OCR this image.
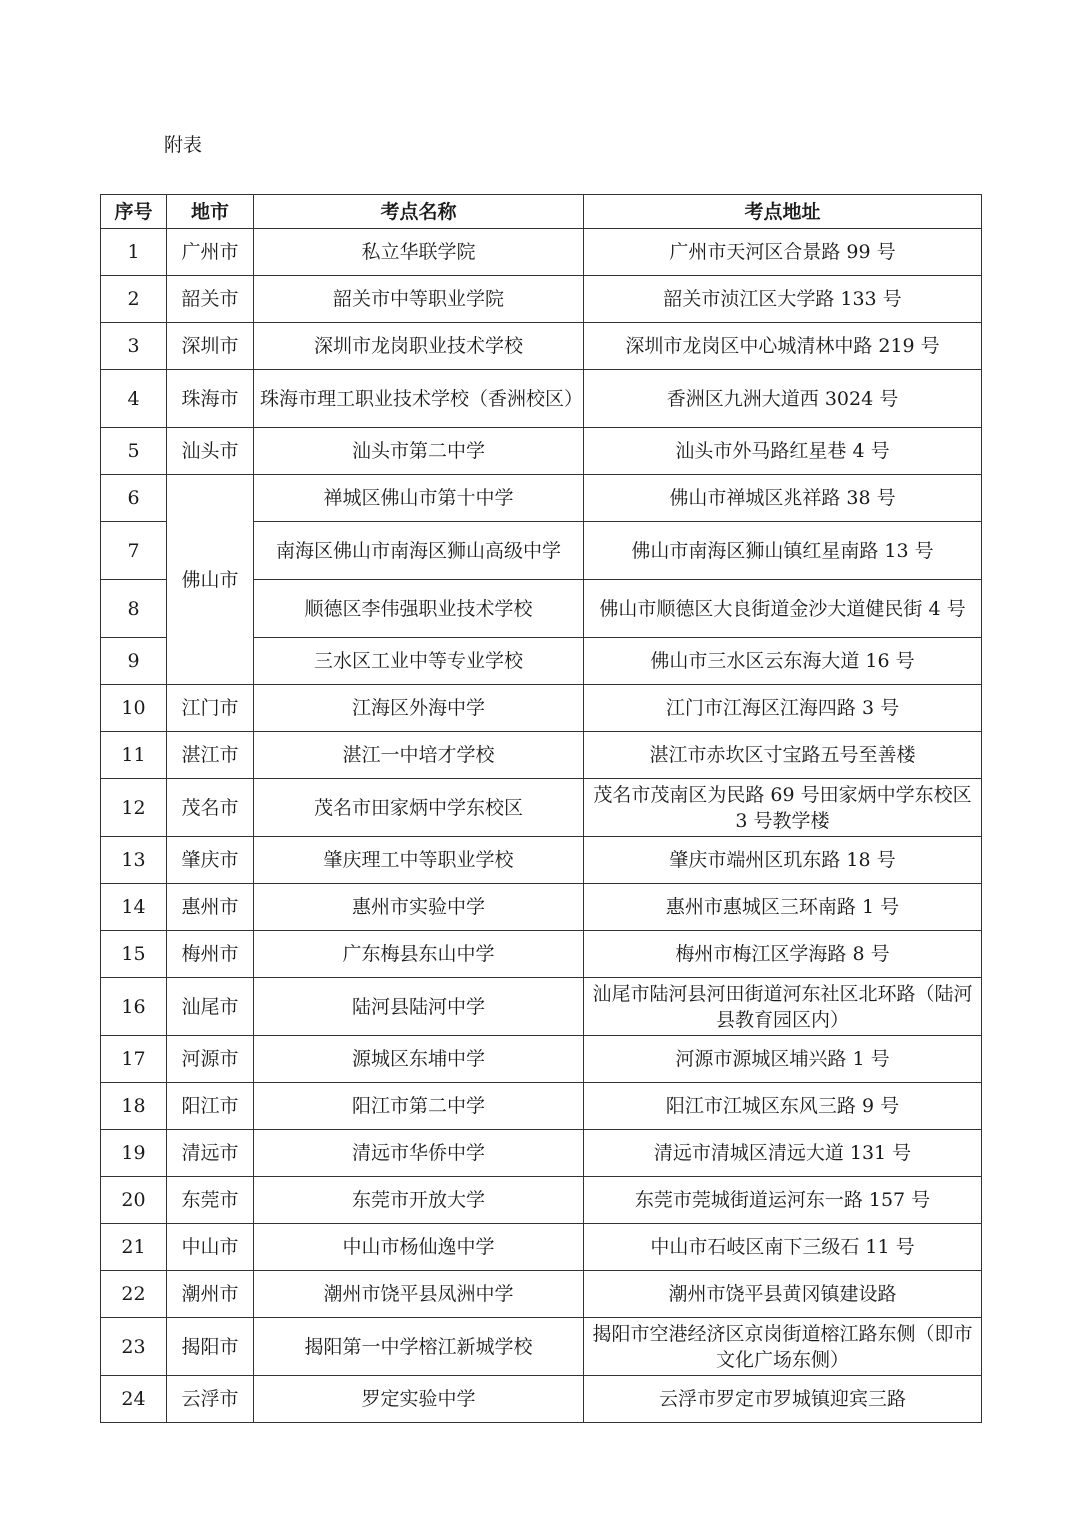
附表
序号	地市	考点名称	考点地址
1	广州市	私立华联学院	广州市天河区合景路 99 号
2	韶关市	韶关市中等职业学院	韶关市浈江区大学路 133 号
3	深圳市	深圳市龙岗职业技术学校	深圳市龙岗区中心城清林中路 219 号
4	珠海市	珠海市理工职业技术学校（香洲校区）	香洲区九洲大道西 3024 号
5	汕头市	汕头市第二中学	汕头市外马路红星巷 4 号
6	佛山市	禅城区佛山市第十中学	佛山市禅城区兆祥路 38 号
7		南海区佛山市南海区狮山高级中学	佛山市南海区狮山镇红星南路 13 号
8		顺德区李伟强职业技术学校	佛山市顺德区大良街道金沙大道健民街 4 号
9		三水区工业中等专业学校	佛山市三水区云东海大道 16 号
10	江门市	江海区外海中学	江门市江海区江海四路 3 号
11	湛江市	湛江一中培才学校	湛江市赤坎区寸宝路五号至善楼
12	茂名市	茂名市田家炳中学东校区	茂名市茂南区为民路 69 号田家炳中学东校区 3 号教学楼
13	肇庆市	肇庆理工中等职业学校	肇庆市端州区玑东路 18 号
14	惠州市	惠州市实验中学	惠州市惠城区三环南路 1 号
15	梅州市	广东梅县东山中学	梅州市梅江区学海路 8 号
16	汕尾市	陆河县陆河中学	汕尾市陆河县河田街道河东社区北环路（陆河县教育园区内）
17	河源市	源城区东埔中学	河源市源城区埔兴路 1 号
18	阳江市	阳江市第二中学	阳江市江城区东风三路 9 号
19	清远市	清远市华侨中学	清远市清城区清远大道 131 号
20	东莞市	东莞市开放大学	东莞市莞城街道运河东一路 157 号
21	中山市	中山市杨仙逸中学	中山市石岐区南下三级石 11 号
22	潮州市	潮州市饶平县凤洲中学	潮州市饶平县黄冈镇建设路
23	揭阳市	揭阳第一中学榕江新城学校	揭阳市空港经济区京岗街道榕江路东侧（即市文化广场东侧）
24	云浮市	罗定实验中学	云浮市罗定市罗城镇迎宾三路
